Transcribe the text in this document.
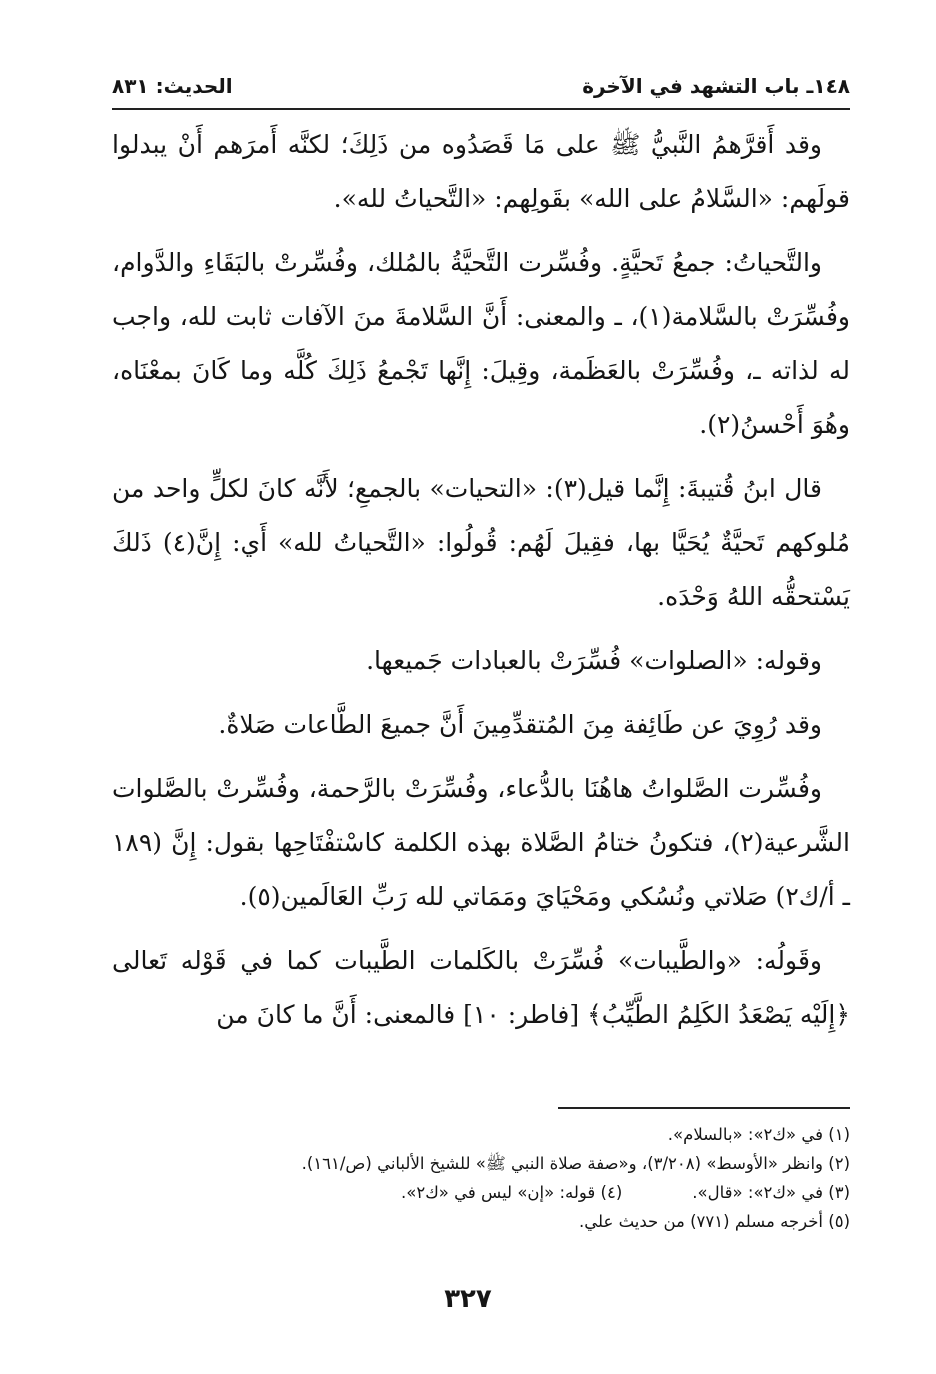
١٤٨ـ باب التشهد في الآخرة
الحديث: ٨٣١

وقد أَقرَّهمُ النَّبيُّ ﷺ على مَا قَصَدُوه من ذَلِكَ؛ لكنَّه أَمرَهم أَنْ يبدلوا قولَهم: «السَّلامُ على الله» بقَولِهم: «التَّحياتُ لله».

والتَّحياتُ: جمعُ تَحيَّةٍ. وفُسِّرت التَّحيَّةُ بالمُلك، وفُسِّرتْ بالبَقَاءِ والدَّوام، وفُسِّرَتْ بالسَّلامة(١)، ـ والمعنى: أَنَّ السَّلامةَ منَ الآفات ثابت لله، واجب له لذاته ـ، وفُسِّرَتْ بالعَظَمة، وقِيلَ: إِنَّها تَجْمعُ ذَلِكَ كُلَّه وما كَانَ بمعْنَاه، وهُوَ أَحْسنُ(٢).

قال ابنُ قُتيبةَ: إِنَّما قيل(٣): «التحيات» بالجمعِ؛ لأَنَّه كانَ لكلٍّ واحد من مُلوكهم تَحيَّةٌ يُحَيَّا بها، فقِيلَ لَهُم: قُولُوا: «التَّحياتُ لله» أَي: إِنَّ(٤) ذَلكَ يَسْتحقُّه اللهُ وَحْدَه.

وقوله: «الصلوات» فُسِّرَتْ بالعبادات جَميعها.

وقد رُوِيَ عن طَائِفة مِنَ المُتقدِّمِينَ أَنَّ جميعَ الطَّاعات صَلاةٌ.

وفُسِّرت الصَّلواتُ هاهُنَا بالدُّعاء، وفُسِّرَتْ بالرَّحمة، وفُسِّرتْ بالصَّلوات الشَّرعية(٢)، فتكونُ ختامُ الصَّلاة بهذه الكلمة كاسْتفْتَاحِها بقول: إِنَّ (١٨٩ ـ أ/ك٢) صَلاتي ونُسُكي ومَحْيَايَ ومَمَاتي لله رَبِّ العَالَمين(٥).

وقَولُه: «والطَّيبات» فُسِّرَتْ بالكَلمات الطَّيبات كما في قَوْله تَعالى ﴿إِلَيْه يَصْعَدُ الكَلِمُ الطَّيِّبُ﴾ [فاطر: ١٠] فالمعنى: أَنَّ ما كانَ من

(١) في «ك٢»: «بالسلام».
(٢) وانظر «الأوسط» (٣/٢٠٨)، و«صفة صلاة النبي ﷺ» للشيخ الألباني (ص/١٦١).
(٣) في «ك٢»: «قال».
(٤) قوله: «إن» ليس في «ك٢».
(٥) أخرجه مسلم (٧٧١) من حديث علي.
٣٢٧
